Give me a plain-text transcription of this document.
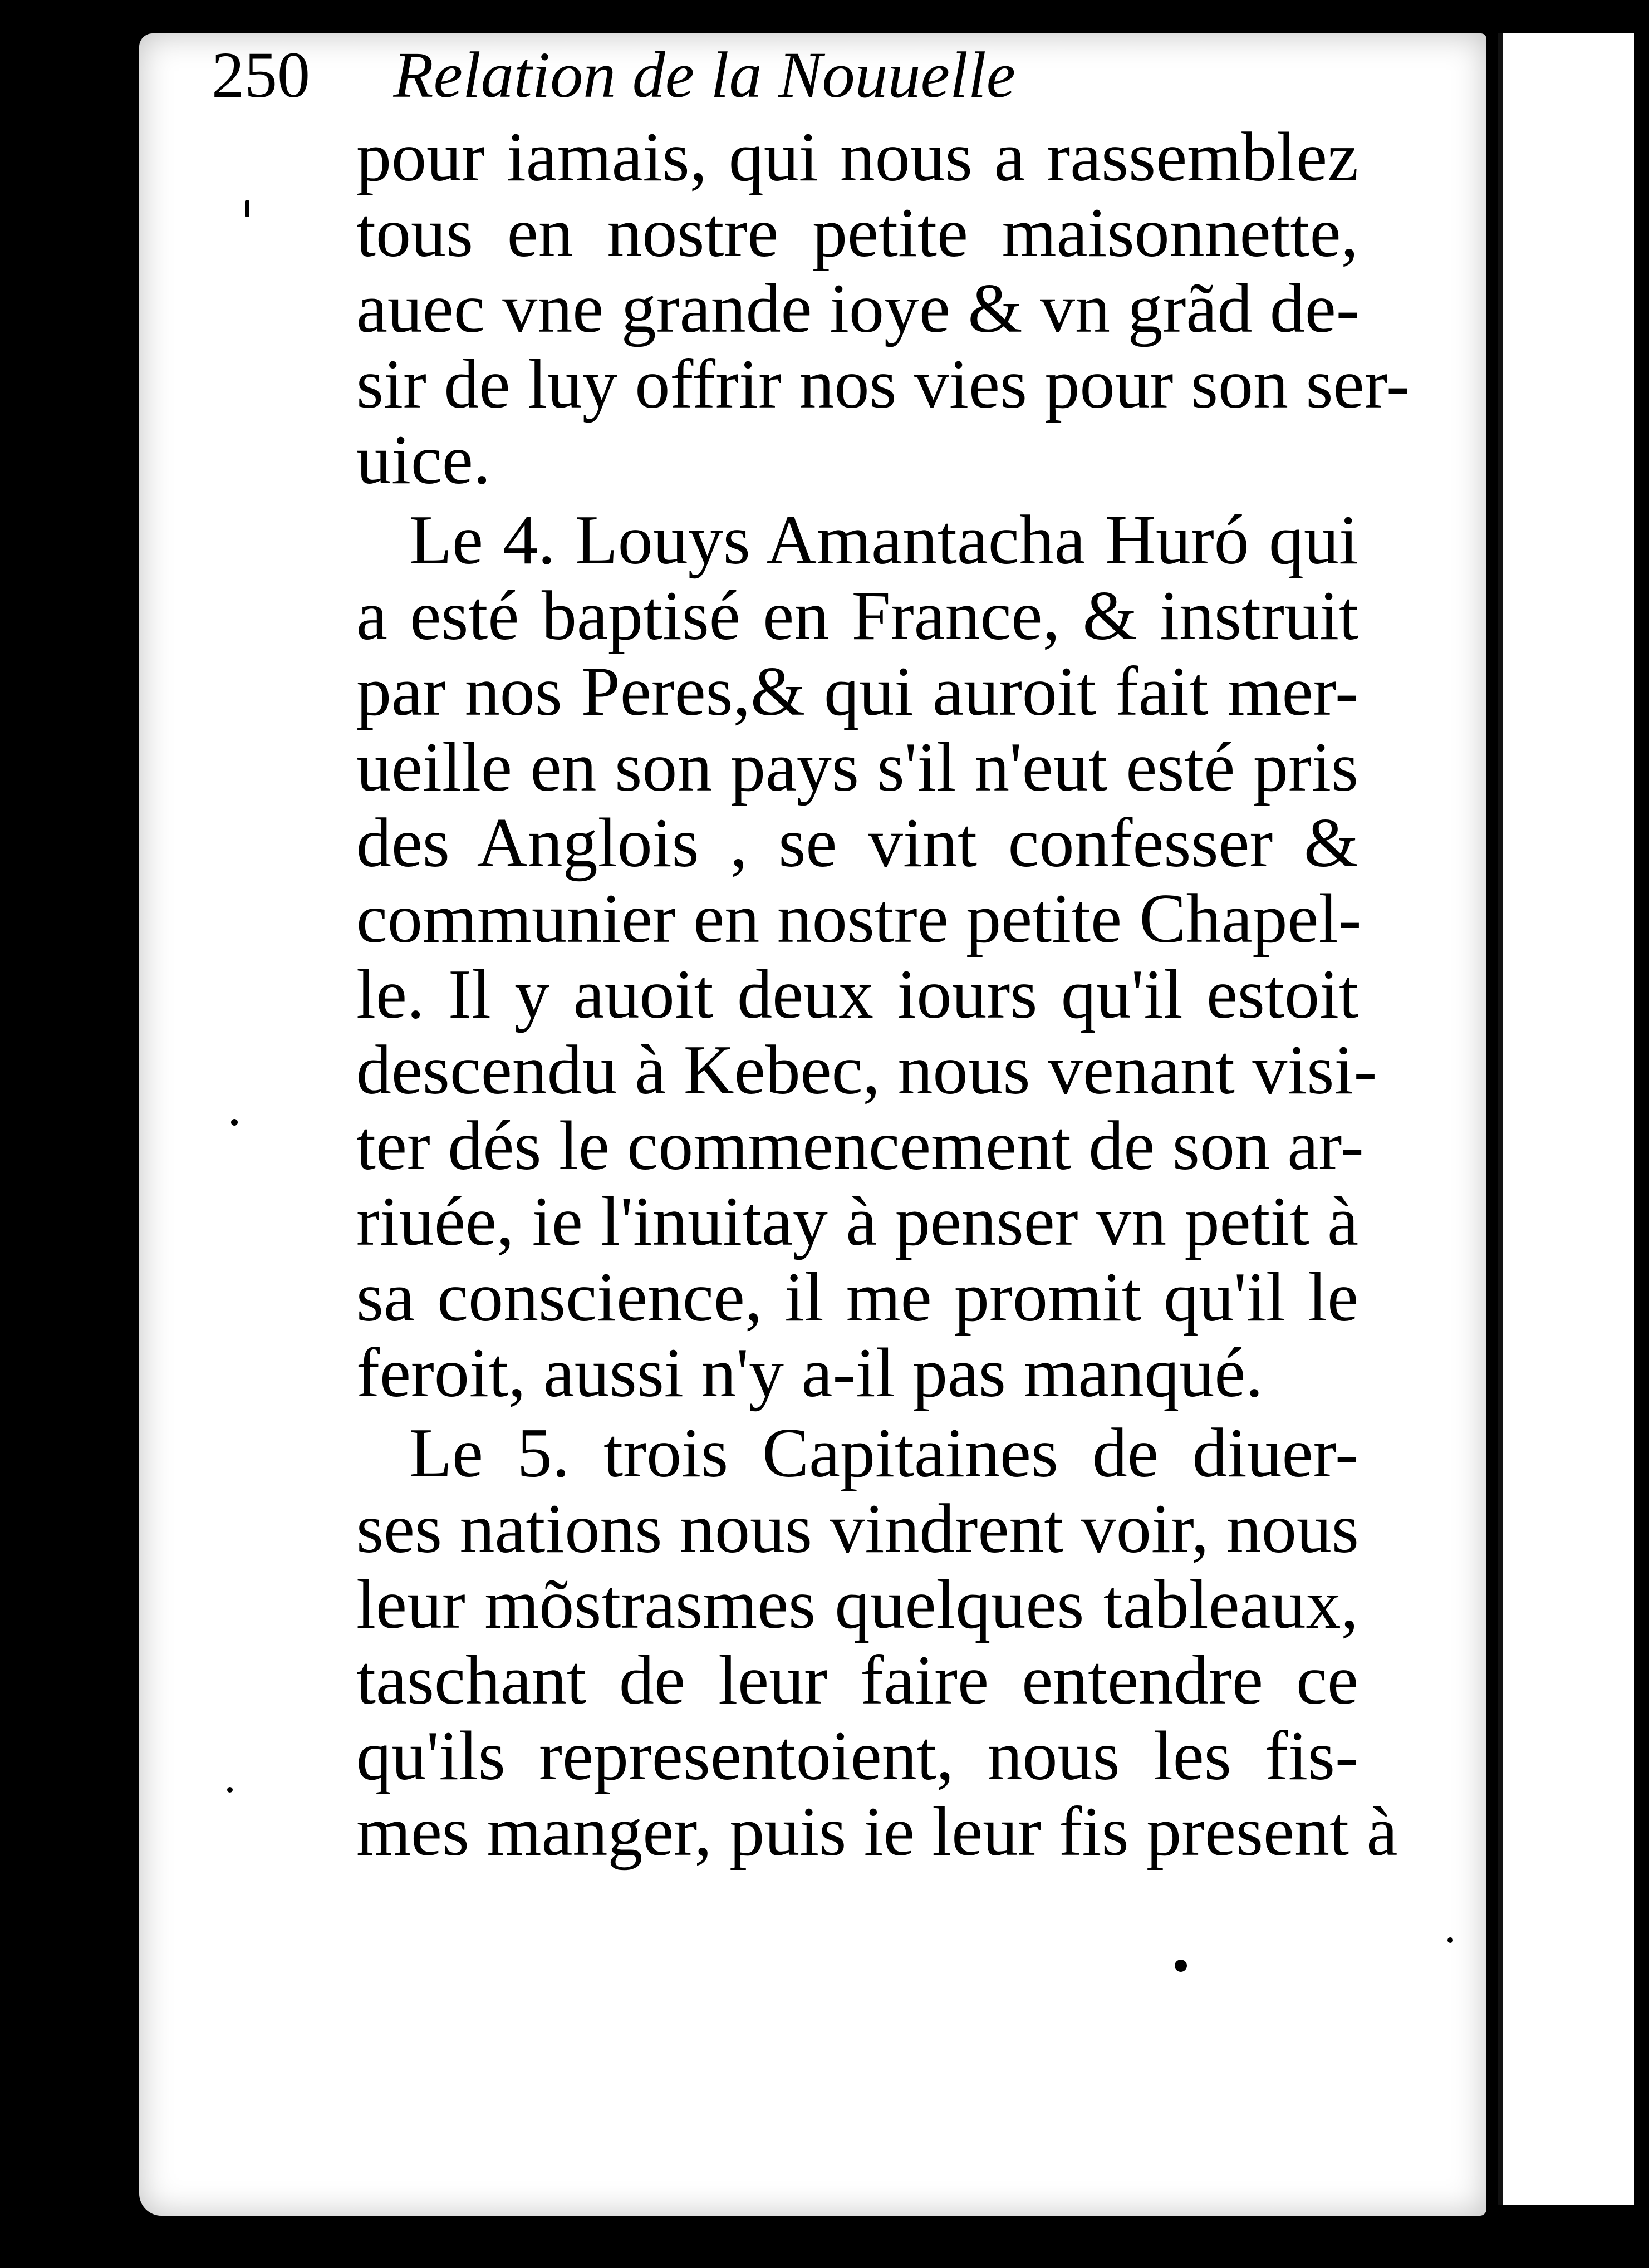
250 Relation de la Nouuelle
pour iamais, qui nous a rassemblez
tous en nostre petite maisonnette,
auec vne grande ioye & vn grãd de-
sir de luy offrir nos vies pour son ser-
uice.
Le 4. Louys Amantacha Huró qui
a esté baptisé en France, & instruit
par nos Peres,& qui auroit fait mer-
ueille en son pays s'il n'eut esté pris
des Anglois , se vint confesser &
communier en nostre petite Chapel-
le. Il y auoit deux iours qu'il estoit
descendu à Kebec, nous venant visi-
ter dés le commencement de son ar-
riuée, ie l'inuitay à penser vn petit à
sa conscience, il me promit qu'il le
feroit, aussi n'y a-il pas manqué.
Le 5. trois Capitaines de diuer-
ses nations nous vindrent voir, nous
leur mõstrasmes quelques tableaux,
taschant de leur faire entendre ce
qu'ils representoient, nous les fis-
mes manger, puis ie leur fis present à
